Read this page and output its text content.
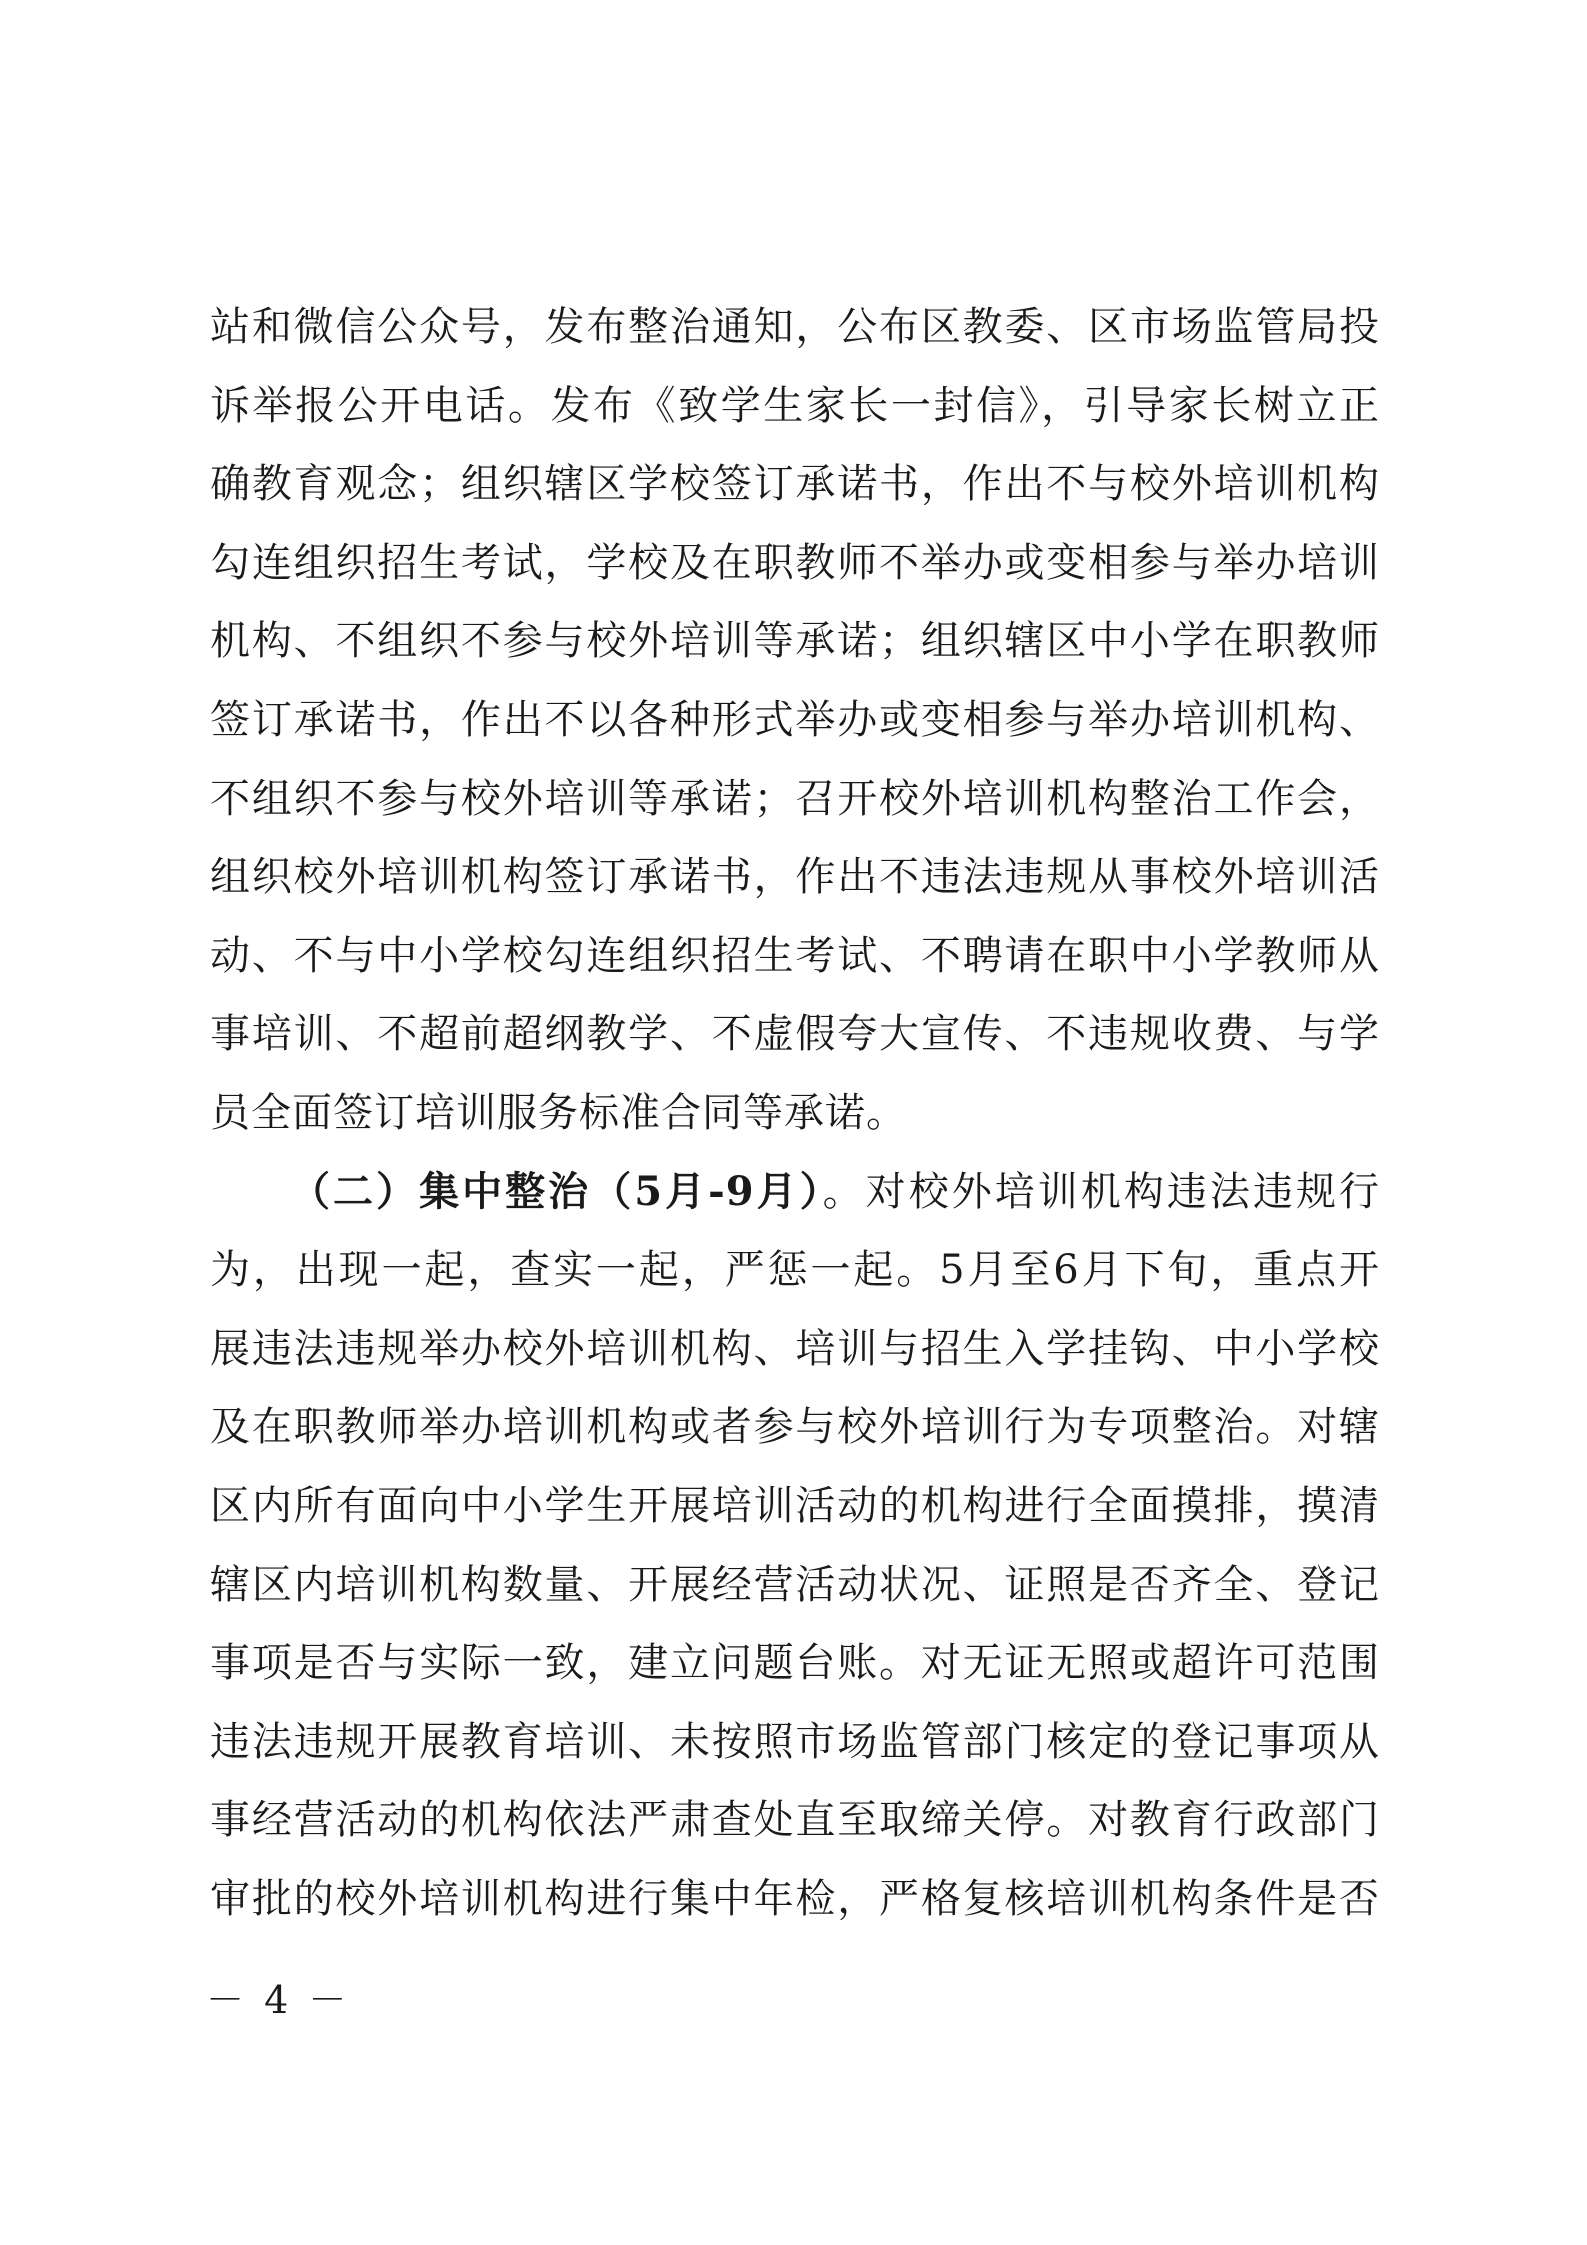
站和微信公众号，发布整治通知，公布区教委、区市场监管局投
诉举报公开电话。发布《致学生家长一封信》，引导家长树立正
确教育观念；组织辖区学校签订承诺书，作出不与校外培训机构
勾连组织招生考试，学校及在职教师不举办或变相参与举办培训
机构、不组织不参与校外培训等承诺；组织辖区中小学在职教师
签订承诺书，作出不以各种形式举办或变相参与举办培训机构、
不组织不参与校外培训等承诺；召开校外培训机构整治工作会，
组织校外培训机构签订承诺书，作出不违法违规从事校外培训活
动、不与中小学校勾连组织招生考试、不聘请在职中小学教师从
事培训、不超前超纲教学、不虚假夸大宣传、不违规收费、与学
员全面签订培训服务标准合同等承诺。
（二）集中整治（5月-9月）。对校外培训机构违法违规行
为，出现一起，查实一起，严惩一起。5月至6月下旬，重点开
展违法违规举办校外培训机构、培训与招生入学挂钩、中小学校
及在职教师举办培训机构或者参与校外培训行为专项整治。对辖
区内所有面向中小学生开展培训活动的机构进行全面摸排，摸清
辖区内培训机构数量、开展经营活动状况、证照是否齐全、登记
事项是否与实际一致，建立问题台账。对无证无照或超许可范围
违法违规开展教育培训、未按照市场监管部门核定的登记事项从
事经营活动的机构依法严肃查处直至取缔关停。对教育行政部门
审批的校外培训机构进行集中年检，严格复核培训机构条件是否
－ 4 －
